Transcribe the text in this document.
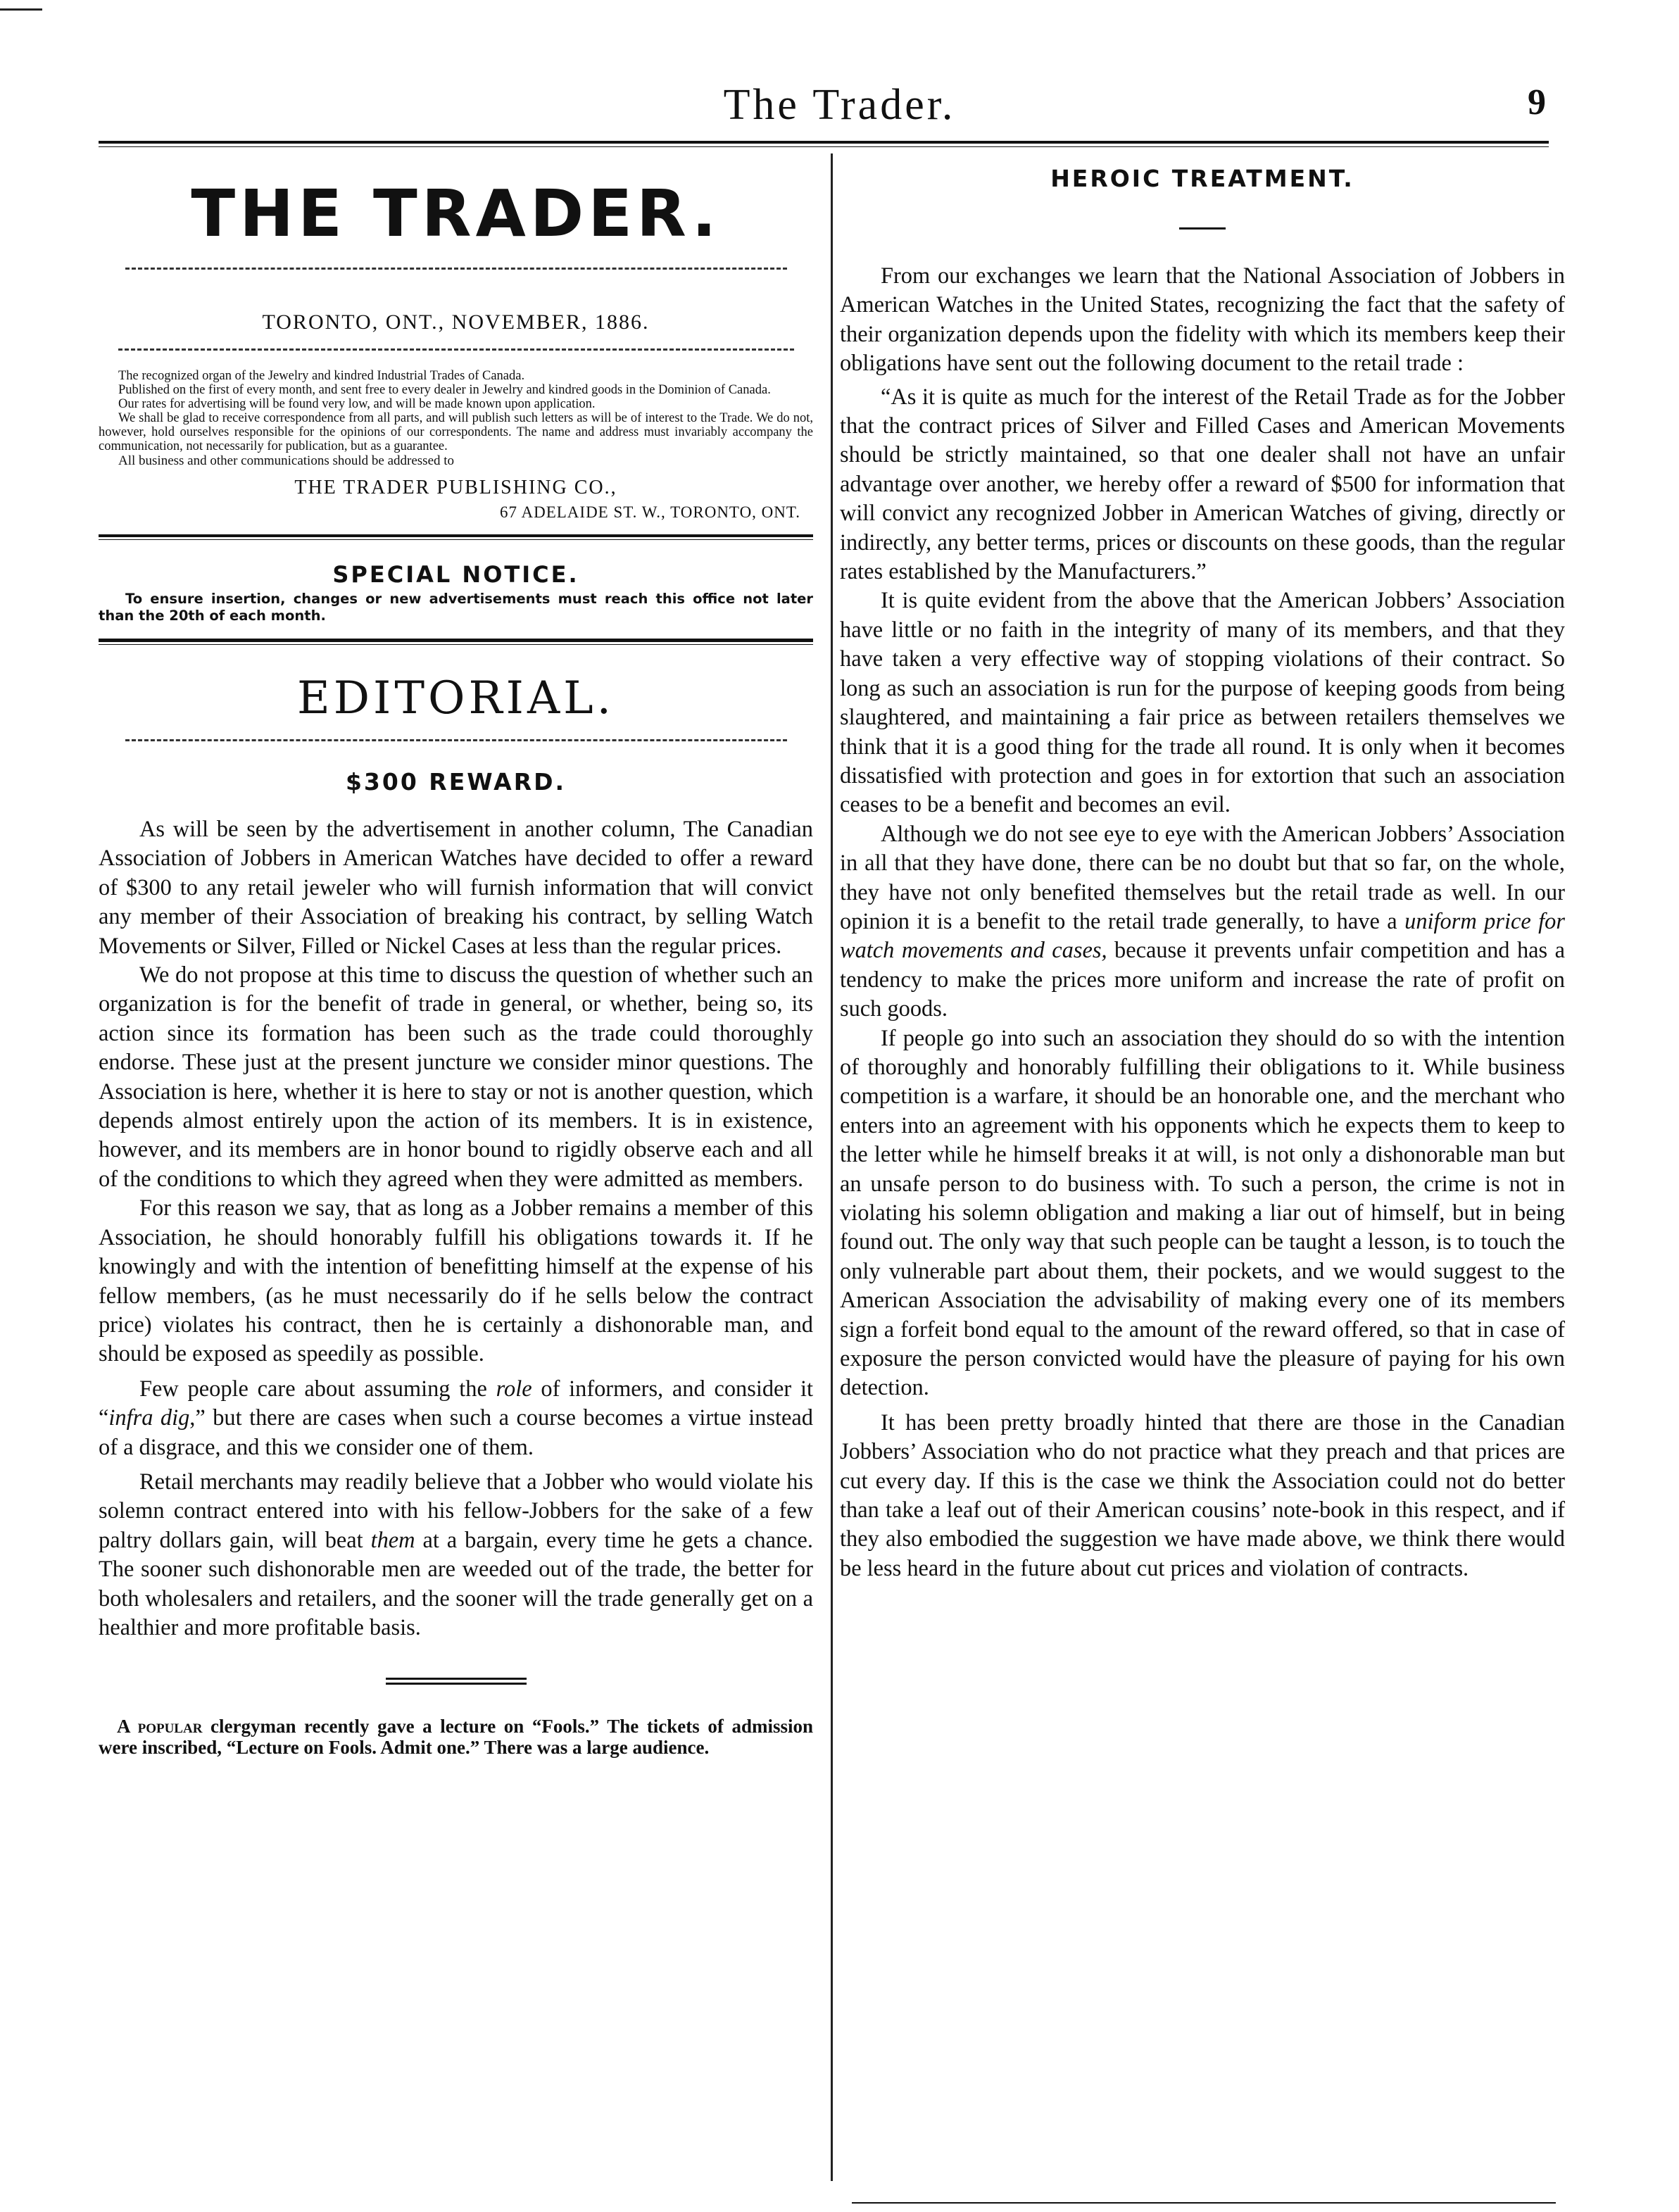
The Trader.	9
THE TRADER.
TORONTO, ONT., NOVEMBER, 1886.

The recognized organ of the Jewelry and kindred Industrial Trades of Canada.

Published on the first of every month, and sent free to every dealer in Jewelry and kindred goods in the Dominion of Canada.

Our rates for advertising will be found very low, and will be made known upon application.

We shall be glad to receive correspondence from all parts, and will publish such letters as will be of interest to the Trade. We do not, however, hold ourselves responsible for the opinions of our correspondents. The name and address must invariably accompany the communication, not necessarily for publication, but as a guarantee.

All business and other communications should be addressed to

THE TRADER PUBLISHING CO.,
67 ADELAIDE ST. W., TORONTO, ONT.
SPECIAL NOTICE.
To ensure insertion, changes or new advertisements must reach this office not later than the 20th of each month.
EDITORIAL.
$300 REWARD.

As will be seen by the advertisement in another column, The Canadian Association of Jobbers in American Watches have decided to offer a reward of $300 to any retail jeweler who will furnish information that will convict any member of their Association of breaking his contract, by selling Watch Movements or Silver, Filled or Nickel Cases at less than the regular prices.

We do not propose at this time to discuss the question of whether such an organization is for the benefit of trade in general, or whether, being so, its action since its formation has been such as the trade could thoroughly endorse. These just at the present juncture we consider minor questions. The Association is here, whether it is here to stay or not is another question, which depends almost entirely upon the action of its members. It is in existence, however, and its members are in honor bound to rigidly observe each and all of the conditions to which they agreed when they were admitted as members.

For this reason we say, that as long as a Jobber remains a member of this Association, he should honorably fulfill his obligations towards it. If he knowingly and with the intention of benefitting himself at the expense of his fellow members, (as he must necessarily do if he sells below the contract price) violates his contract, then he is certainly a dishonorable man, and should be exposed as speedily as possible.

Few people care about assuming the role of informers, and consider it “infra dig,” but there are cases when such a course becomes a virtue instead of a disgrace, and this we consider one of them.

Retail merchants may readily believe that a Jobber who would violate his solemn contract entered into with his fellow-Jobbers for the sake of a few paltry dollars gain, will beat them at a bargain, every time he gets a chance. The sooner such dishonorable men are weeded out of the trade, the better for both wholesalers and retailers, and the sooner will the trade generally get on a healthier and more profitable basis.

A popular clergyman recently gave a lecture on “Fools.” The tickets of admission were inscribed, “Lecture on Fools. Admit one.” There was a large audience.

HEROIC TREATMENT.

From our exchanges we learn that the National Association of Jobbers in American Watches in the United States, recognizing the fact that the safety of their organization depends upon the fidelity with which its members keep their obligations have sent out the following document to the retail trade :

“As it is quite as much for the interest of the Retail Trade as for the Jobber that the contract prices of Silver and Filled Cases and American Movements should be strictly maintained, so that one dealer shall not have an unfair advantage over another, we hereby offer a reward of $500 for information that will convict any recognized Jobber in American Watches of giving, directly or indirectly, any better terms, prices or discounts on these goods, than the regular rates established by the Manufacturers.”

It is quite evident from the above that the American Jobbers’ Association have little or no faith in the integrity of many of its members, and that they have taken a very effective way of stopping violations of their contract. So long as such an association is run for the purpose of keeping goods from being slaughtered, and maintaining a fair price as between retailers themselves we think that it is a good thing for the trade all round. It is only when it becomes dissatisfied with protection and goes in for extortion that such an association ceases to be a benefit and becomes an evil.

Although we do not see eye to eye with the American Jobbers’ Association in all that they have done, there can be no doubt but that so far, on the whole, they have not only benefited themselves but the retail trade as well. In our opinion it is a benefit to the retail trade generally, to have a uniform price for watch movements and cases, because it prevents unfair competition and has a tendency to make the prices more uniform and increase the rate of profit on such goods.

If people go into such an association they should do so with the intention of thoroughly and honorably fulfilling their obligations to it. While business competition is a warfare, it should be an honorable one, and the merchant who enters into an agreement with his opponents which he expects them to keep to the letter while he himself breaks it at will, is not only a dishonorable man but an unsafe person to do business with. To such a person, the crime is not in violating his solemn obligation and making a liar out of himself, but in being found out. The only way that such people can be taught a lesson, is to touch the only vulnerable part about them, their pockets, and we would suggest to the American Association the advisability of making every one of its members sign a forfeit bond equal to the amount of the reward offered, so that in case of exposure the person convicted would have the pleasure of paying for his own detection.

It has been pretty broadly hinted that there are those in the Canadian Jobbers’ Association who do not practice what they preach and that prices are cut every day. If this is the case we think the Association could not do better than take a leaf out of their American cousins’ note-book in this respect, and if they also embodied the suggestion we have made above, we think there would be less heard in the future about cut prices and violation of contracts.
